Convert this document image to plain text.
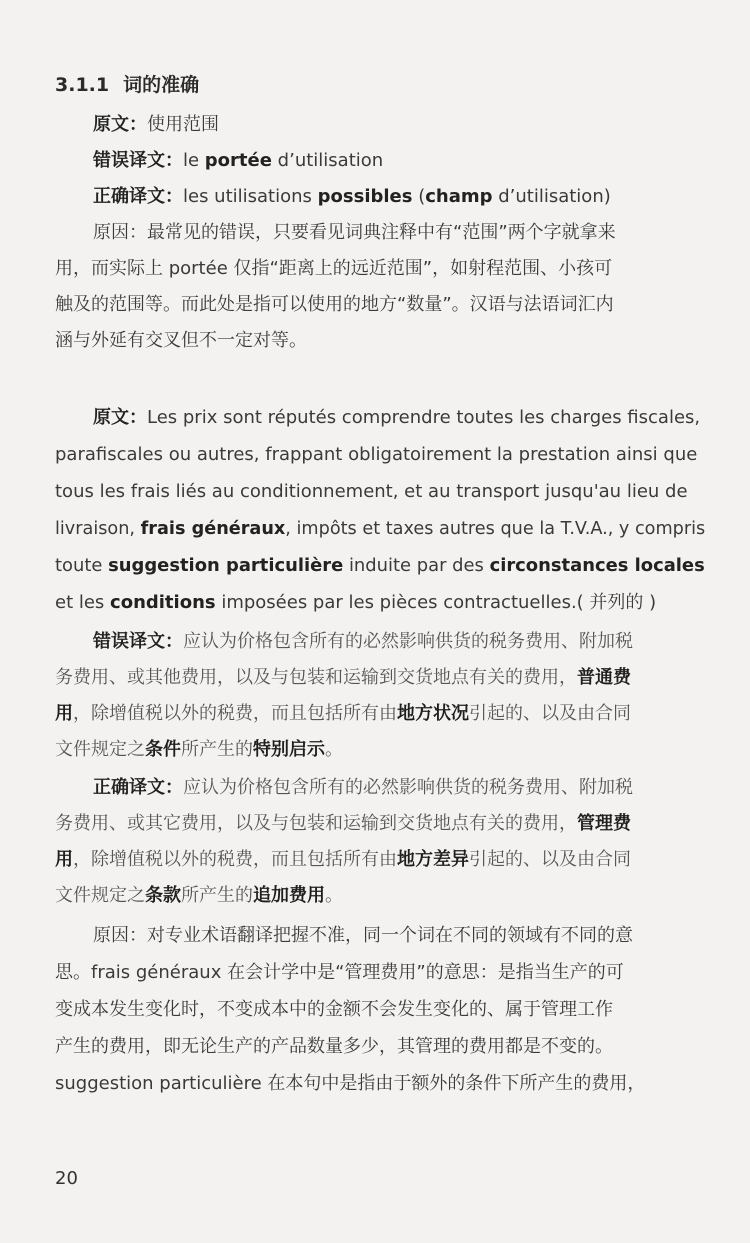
3.1.1 词的准确
原文：使用范围
错误译文：le portée d’utilisation
正确译文：les utilisations possibles (champ d’utilisation)
原因：最常见的错误，只要看见词典注释中有“范围”两个字就拿来
用，而实际上 portée 仅指“距离上的远近范围”，如射程范围、小孩可
触及的范围等。而此处是指可以使用的地方“数量”。汉语与法语词汇内
涵与外延有交叉但不一定对等。
原文：Les prix sont réputés comprendre toutes les charges fiscales,
parafiscales ou autres, frappant obligatoirement la prestation ainsi que
tous les frais liés au conditionnement, et au transport jusqu'au lieu de
livraison, frais généraux, impôts et taxes autres que la T.V.A., y compris
toute suggestion particulière induite par des circonstances locales
et les conditions imposées par les pièces contractuelles.( 并列的 )
错误译文：应认为价格包含所有的必然影响供货的税务费用、附加税
务费用、或其他费用，以及与包装和运输到交货地点有关的费用，普通费
用，除增值税以外的税费，而且包括所有由地方状况引起的、以及由合同
文件规定之条件所产生的特别启示。
正确译文：应认为价格包含所有的必然影响供货的税务费用、附加税
务费用、或其它费用，以及与包装和运输到交货地点有关的费用，管理费
用，除增值税以外的税费，而且包括所有由地方差异引起的、以及由合同
文件规定之条款所产生的追加费用。
原因：对专业术语翻译把握不准，同一个词在不同的领域有不同的意
思。frais généraux 在会计学中是“管理费用”的意思：是指当生产的可
变成本发生变化时，不变成本中的金额不会发生变化的、属于管理工作
产生的费用，即无论生产的产品数量多少，其管理的费用都是不变的。
suggestion particulière 在本句中是指由于额外的条件下所产生的费用，
20
